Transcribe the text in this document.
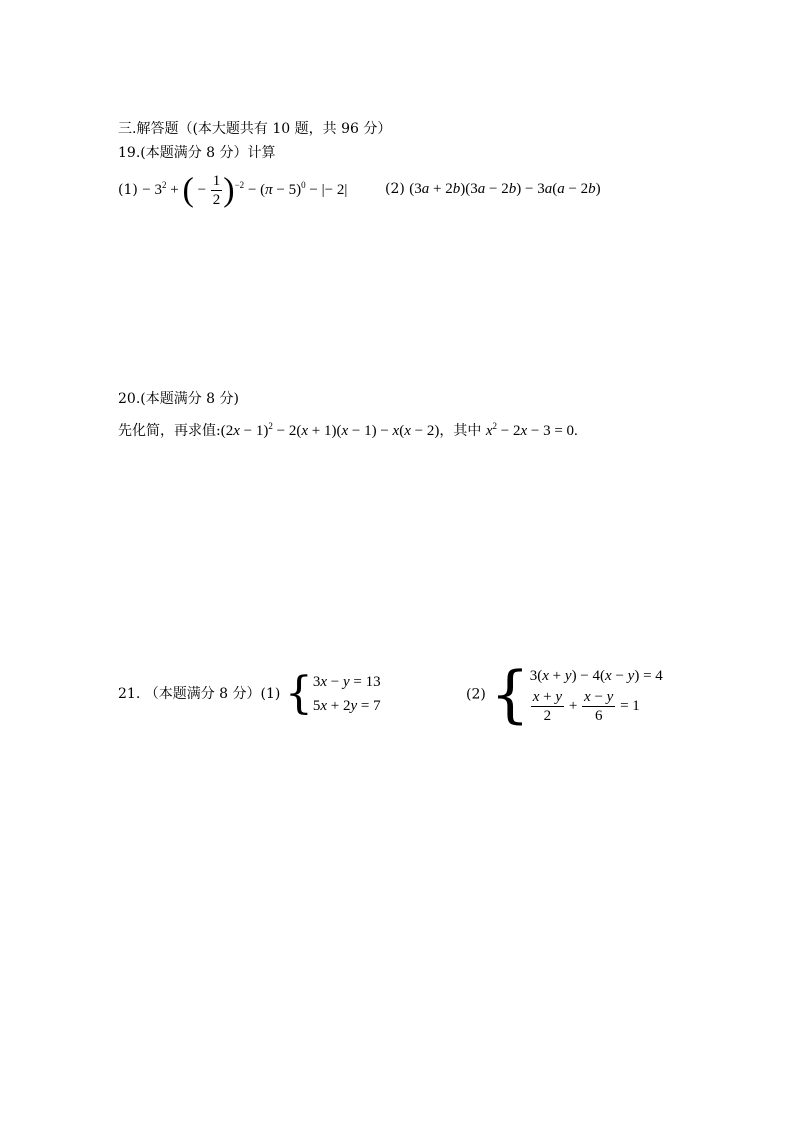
三.解答题（(本大题共有 10 题，共 96 分）
19.(本题满分 8 分）计算
$(1) - 3^2$ + ( − $\frac{1}{2} )^{-2} - (\pi - 5)^0$ − |− 2|	(2) (3a + 2b)(3a − 2b) − 3a(a − 2b)
20.(本题满分 8 分)
先化简，再求值:(2x − 1)$^2$ − 2(x + 1)(x − 1) − x(x − 2)，其中 $x^2 - 2x - 3 = 0$.
21. （本题满分 8 分）(1) { 3x − y = 13
5x + 2y = 7
(2) { 3(x + y) − 4(x − y) = 4
$\frac{x + y}{2} + \frac{x - y}{6} = 1$
